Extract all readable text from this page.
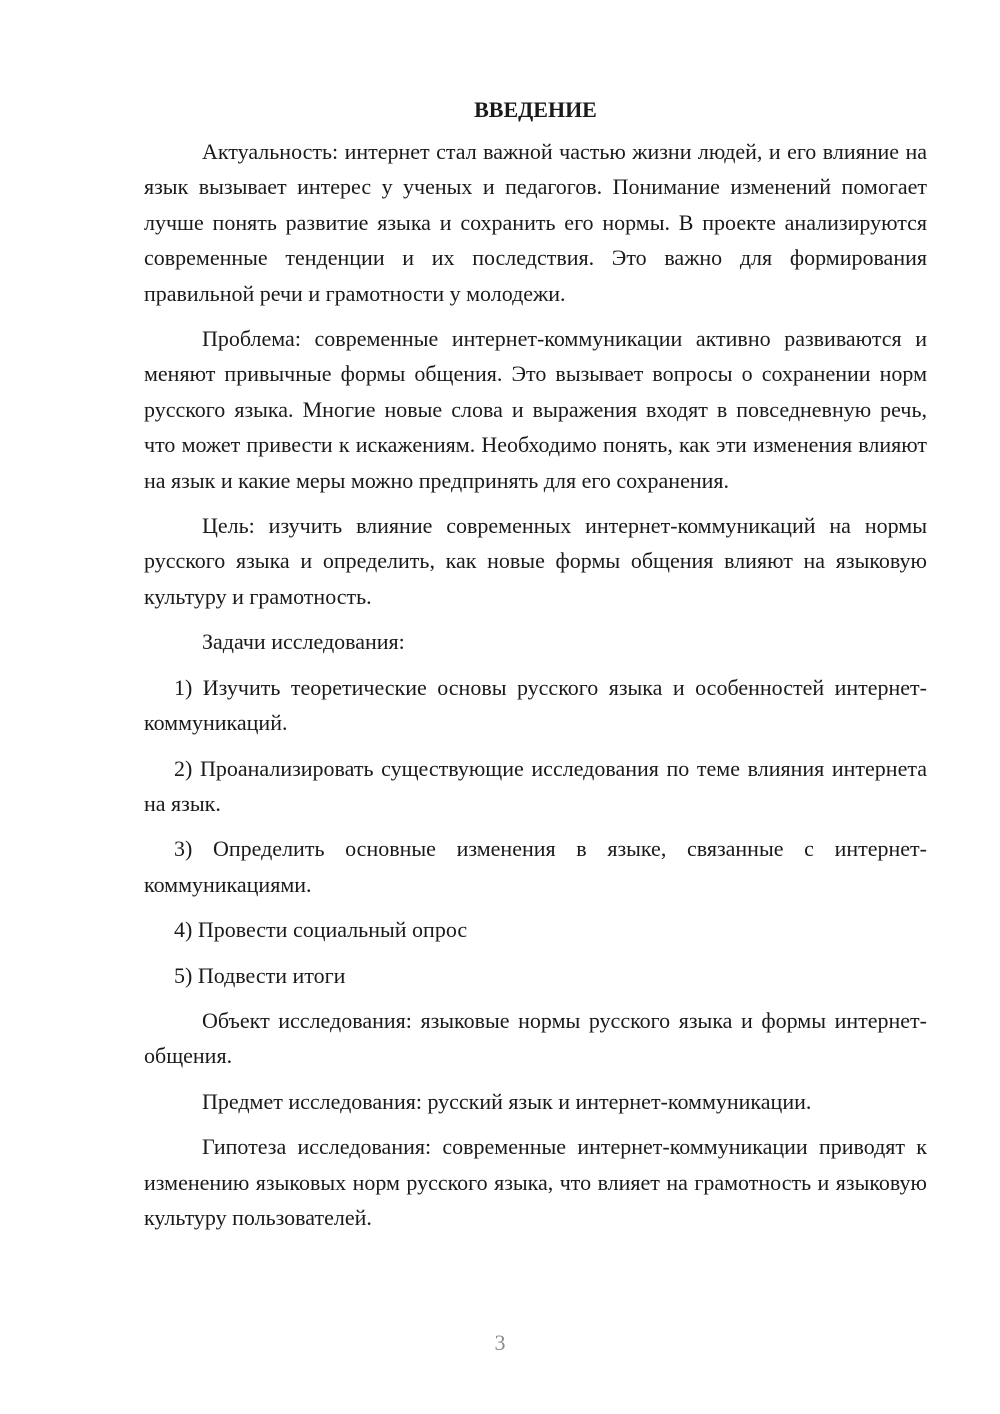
ВВЕДЕНИЕ

Актуальность: интернет стал важной частью жизни людей, и его влияние на язык вызывает интерес у ученых и педагогов. Понимание изменений помогает лучше понять развитие языка и сохранить его нормы. В проекте анализируются современные тенденции и их последствия. Это важно для формирования правильной речи и грамотности у молодежи.

Проблема: современные интернет-коммуникации активно развиваются и меняют привычные формы общения. Это вызывает вопросы о сохранении норм русского языка. Многие новые слова и выражения входят в повседневную речь, что может привести к искажениям. Необходимо понять, как эти изменения влияют на язык и какие меры можно предпринять для его сохранения.

Цель: изучить влияние современных интернет-коммуникаций на нормы русского языка и определить, как новые формы общения влияют на языковую культуру и грамотность.

Задачи исследования:

1) Изучить теоретические основы русского языка и особенностей интернет-коммуникаций.

2) Проанализировать существующие исследования по теме влияния интернета на язык.

3) Определить основные изменения в языке, связанные с интернет-коммуникациями.

4) Провести социальный опрос

5) Подвести итоги

Объект исследования: языковые нормы русского языка и формы интернет-общения.

Предмет исследования: русский язык и интернет-коммуникации.

Гипотеза исследования: современные интернет-коммуникации приводят к изменению языковых норм русского языка, что влияет на грамотность и языковую культуру пользователей.

3
